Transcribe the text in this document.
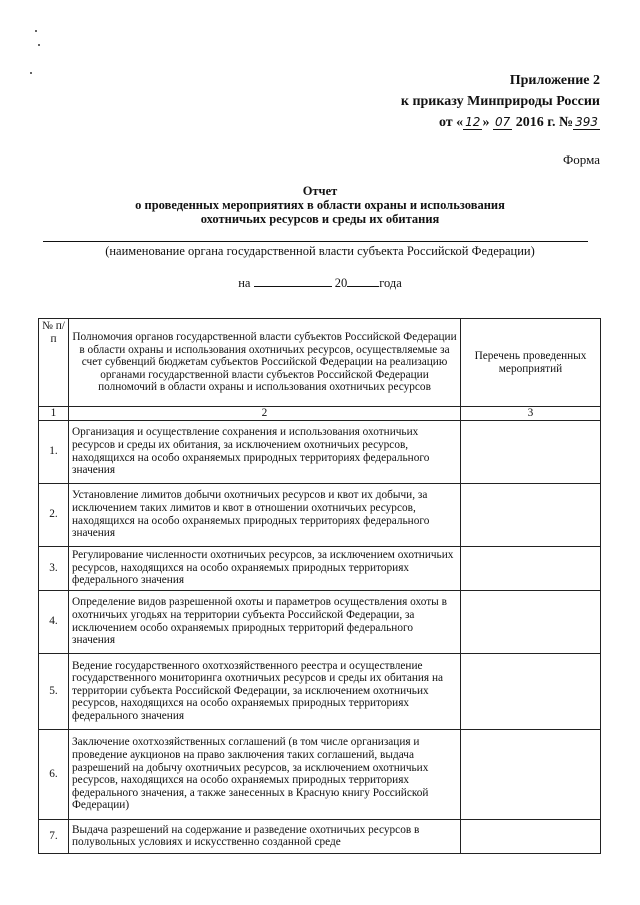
Приложение 2
к приказу Минприроды России
от « 12 » 07 2016 г. № 393
Форма
Отчет
о проведенных мероприятиях в области охраны и использования
охотничьих ресурсов и среды их обитания
(наименование органа государственной власти субъекта Российской Федерации)
на	20	года
№ п/п	Полномочия органов государственной власти субъектов Российской Федерации в области охраны и использования охотничьих ресурсов, осуществляемые за счет субвенций бюджетам субъектов Российской Федерации на реализацию органами государственной власти субъектов Российской Федерации полномочий в области охраны и использования охотничьих ресурсов	Перечень проведенных мероприятий
1	2	3
1.	Организация и осуществление сохранения и использования охотничьих ресурсов и среды их обитания, за исключением охотничьих ресурсов, находящихся на особо охраняемых природных территориях федерального значения	
2.	Установление лимитов добычи охотничьих ресурсов и квот их добычи, за исключением таких лимитов и квот в отношении охотничьих ресурсов, находящихся на особо охраняемых природных территориях федерального значения	
3.	Регулирование численности охотничьих ресурсов, за исключением охотничьих ресурсов, находящихся на особо охраняемых природных территориях федерального значения	
4.	Определение видов разрешенной охоты и параметров осуществления охоты в охотничьих угодьях на территории субъекта Российской Федерации, за исключением особо охраняемых природных территорий федерального значения	
5.	Ведение государственного охотхозяйственного реестра и осуществление государственного мониторинга охотничьих ресурсов и среды их обитания на территории субъекта Российской Федерации, за исключением охотничьих ресурсов, находящихся на особо охраняемых природных территориях федерального значения	
6.	Заключение охотхозяйственных соглашений (в том числе организация и проведение аукционов на право заключения таких соглашений, выдача разрешений на добычу охотничьих ресурсов, за исключением охотничьих ресурсов, находящихся на особо охраняемых природных территориях федерального значения, а также занесенных в Красную книгу Российской Федерации)	
7.	Выдача разрешений на содержание и разведение охотничьих ресурсов в полувольных условиях и искусственно созданной среде	
